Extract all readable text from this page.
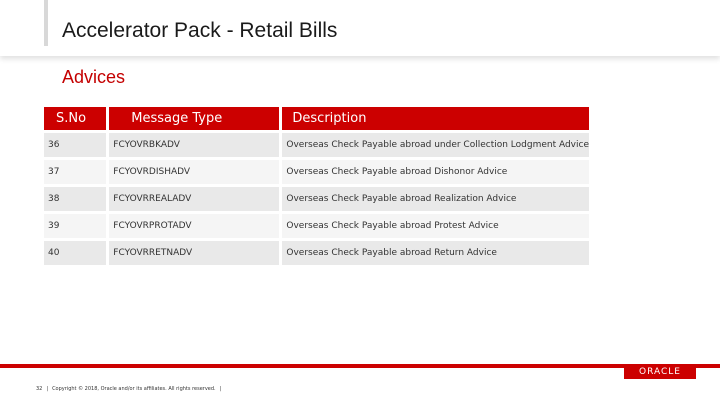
Accelerator Pack - Retail Bills
Advices
S.No	Message Type	Description
36	FCYOVRBKADV	Overseas Check Payable abroad under Collection Lodgment Advice
37	FCYOVRDISHADV	Overseas Check Payable abroad Dishonor Advice
38	FCYOVRREALADV	Overseas Check Payable abroad Realization Advice
39	FCYOVRPROTADV	Overseas Check Payable abroad Protest Advice
40	FCYOVRRETNADV	Overseas Check Payable abroad Return Advice
ORACLE
32 | Copyright © 2018, Oracle and/or its affiliates. All rights reserved. |
